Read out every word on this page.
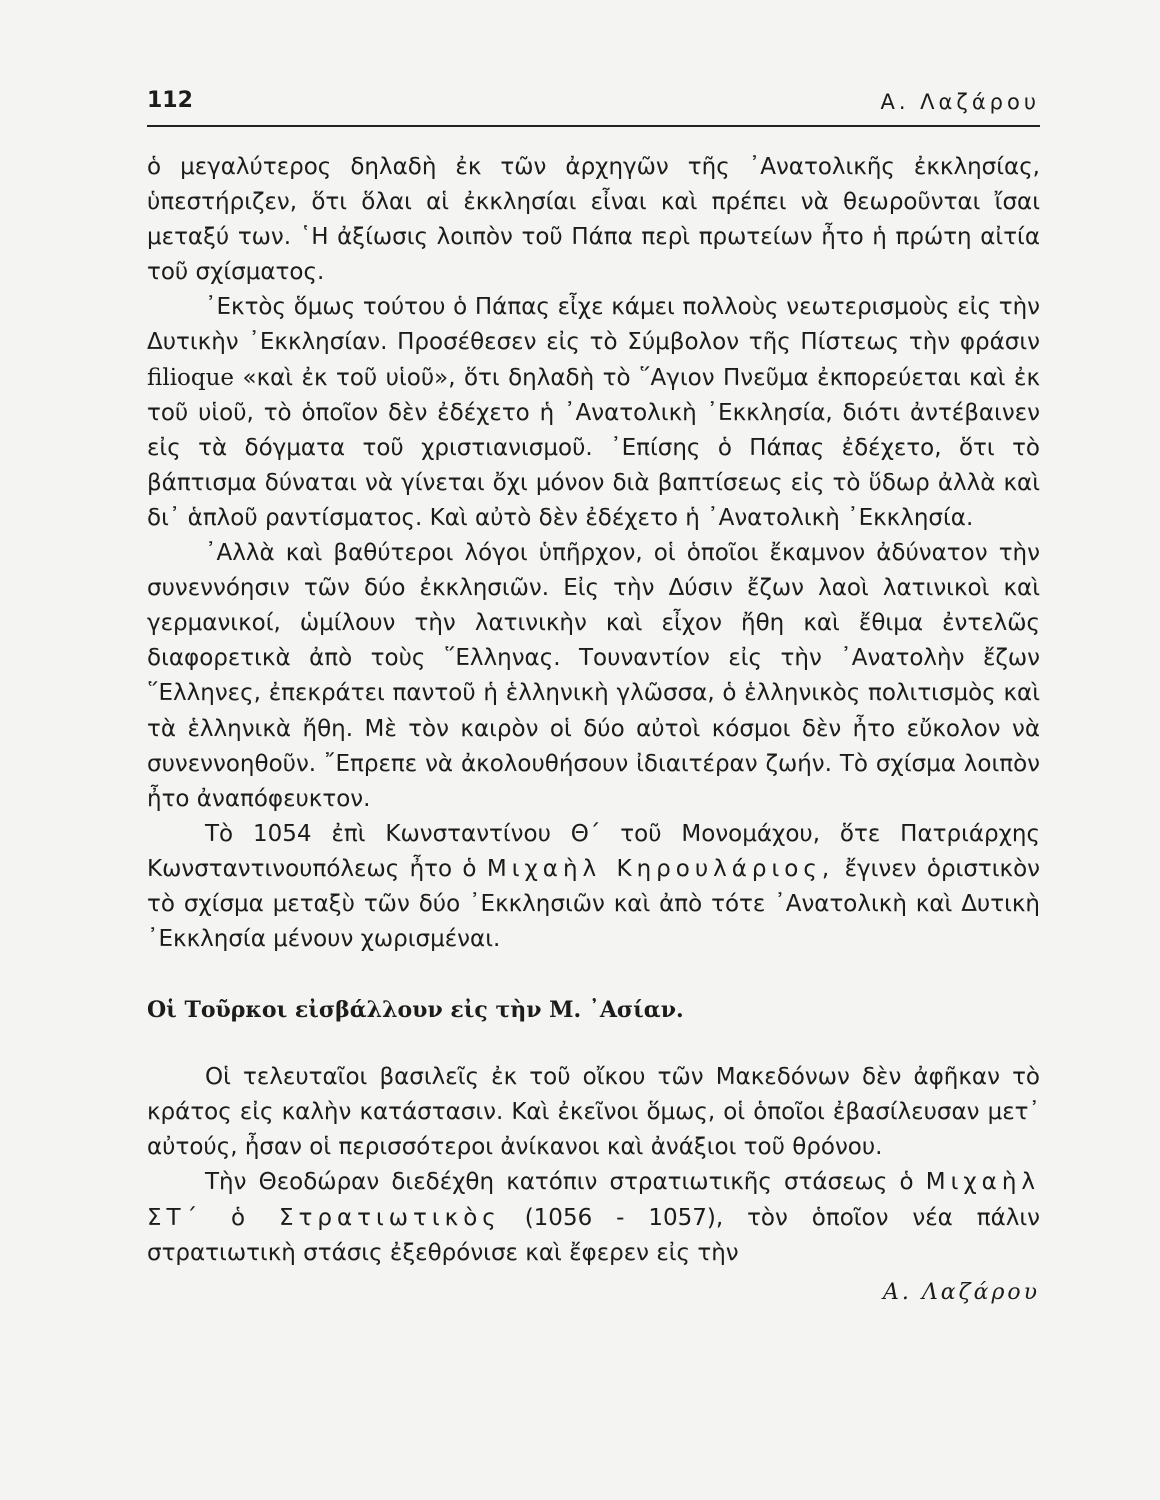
112	Α. Λαζάρου

ὁ μεγαλύτερος δηλαδὴ ἐκ τῶν ἀρχηγῶν τῆς ᾿Ανατολικῆς ἐκκλησίας, ὑπεστήριζεν, ὅτι ὅλαι αἱ ἐκκλησίαι εἶναι καὶ πρέπει νὰ θεωροῦνται ἴσαι μεταξύ των. ῾Η ἀξίωσις λοιπὸν τοῦ Πάπα περὶ πρωτείων ἦτο ἡ πρώτη αἰτία τοῦ σχίσματος.

᾿Εκτὸς ὅμως τούτου ὁ Πάπας εἶχε κάμει πολλοὺς νεωτερισμοὺς εἰς τὴν Δυτικὴν ᾿Εκκλησίαν. Προσέθεσεν εἰς τὸ Σύμβολον τῆς Πίστεως τὴν φράσιν filioque «καὶ ἐκ τοῦ υἱοῦ», ὅτι δηλαδὴ τὸ ῞Αγιον Πνεῦμα ἐκπορεύεται καὶ ἐκ τοῦ υἱοῦ, τὸ ὁποῖον δὲν ἐδέχετο ἡ ᾿Ανατολικὴ ᾿Εκκλησία, διότι ἀντέβαινεν εἰς τὰ δόγματα τοῦ χριστιανισμοῦ. ᾿Επίσης ὁ Πάπας ἐδέχετο, ὅτι τὸ βάπτισμα δύναται νὰ γίνεται ὄχι μόνον διὰ βαπτίσεως εἰς τὸ ὕδωρ ἀλλὰ καὶ δι᾿ ἁπλοῦ ραντίσματος. Καὶ αὐτὸ δὲν ἐδέχετο ἡ ᾿Ανατολικὴ ᾿Εκκλησία.

᾿Αλλὰ καὶ βαθύτεροι λόγοι ὑπῆρχον, οἱ ὁποῖοι ἔκαμνον ἀδύνατον τὴν συνεννόησιν τῶν δύο ἐκκλησιῶν. Εἰς τὴν Δύσιν ἔζων λαοὶ λατινικοὶ καὶ γερμανικοί, ὡμίλουν τὴν λατινικὴν καὶ εἶχον ἤθη καὶ ἔθιμα ἐντελῶς διαφορετικὰ ἀπὸ τοὺς ῞Ελληνας. Τουναντίον εἰς τὴν ᾿Ανατολὴν ἔζων ῞Ελληνες, ἐπεκράτει παντοῦ ἡ ἑλληνικὴ γλῶσσα, ὁ ἑλληνικὸς πολιτισμὸς καὶ τὰ ἑλληνικὰ ἤθη. Μὲ τὸν καιρὸν οἱ δύο αὐτοὶ κόσμοι δὲν ἦτο εὔκολον νὰ συνεννοηθοῦν. ῎Επρεπε νὰ ἀκολουθήσουν ἰδιαιτέραν ζωήν. Τὸ σχίσμα λοιπὸν ἦτο ἀναπόφευκτον.

Τὸ 1054 ἐπὶ Κωνσταντίνου Θ΄ τοῦ Μονομάχου, ὅτε Πατριάρχης Κωνσταντινουπόλεως ἦτο ὁ Μιχαὴλ Κηρουλάριος, ἔγινεν ὁριστικὸν τὸ σχίσμα μεταξὺ τῶν δύο ᾿Εκκλησιῶν καὶ ἀπὸ τότε ᾿Ανατολικὴ καὶ Δυτικὴ ᾿Εκκλησία μένουν χωρισμέναι.

Οἱ Τοῦρκοι εἰσβάλλουν εἰς τὴν Μ. ᾿Ασίαν.

Οἱ τελευταῖοι βασιλεῖς ἐκ τοῦ οἴκου τῶν Μακεδόνων δὲν ἀφῆκαν τὸ κράτος εἰς καλὴν κατάστασιν. Καὶ ἐκεῖνοι ὅμως, οἱ ὁποῖοι ἐβασίλευσαν μετ᾿ αὐτούς, ἦσαν οἱ περισσότεροι ἀνίκανοι καὶ ἀνάξιοι τοῦ θρόνου.

Τὴν Θεοδώραν διεδέχθη κατόπιν στρατιωτικῆς στάσεως ὁ Μιχαὴλ ΣΤ΄ ὁ Στρατιωτικὸς (1056 - 1057), τὸν ὁποῖον νέα πάλιν στρατιωτικὴ στάσις ἐξεθρόνισε καὶ ἔφερεν εἰς τὴν

Α. Λαζάρου
